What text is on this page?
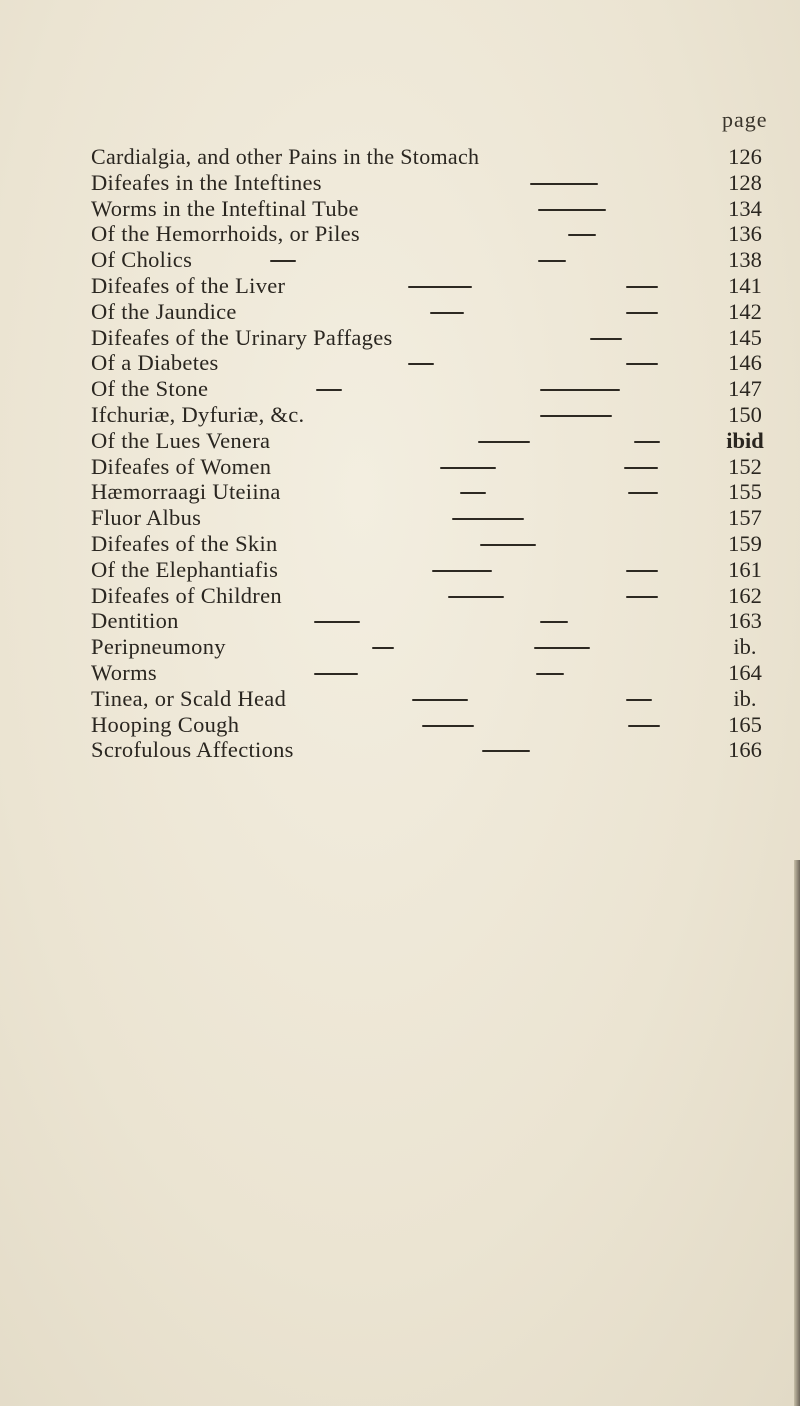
page
Cardialgia, and other Pains in the Stomach	126
Difeafes in the Inteftines	128
Worms in the Inteftinal Tube	134
Of the Hemorrhoids, or Piles	136
Of Cholics	138
Difeafes of the Liver	141
Of the Jaundice	142
Difeafes of the Urinary Paffages	145
Of a Diabetes	146
Of the Stone	147
Ifchuriæ, Dyfuriæ, &c.	150
Of the Lues Venera	ibid
Difeafes of Women	152
Hæmorraagi Uteiina	155
Fluor Albus	157
Difeafes of the Skin	159
Of the Elephantiafis	161
Difeafes of Children	162
Dentition	163
Peripneumony	ib.
Worms	164
Tinea, or Scald Head	ib.
Hooping Cough	165
Scrofulous Affections	166
